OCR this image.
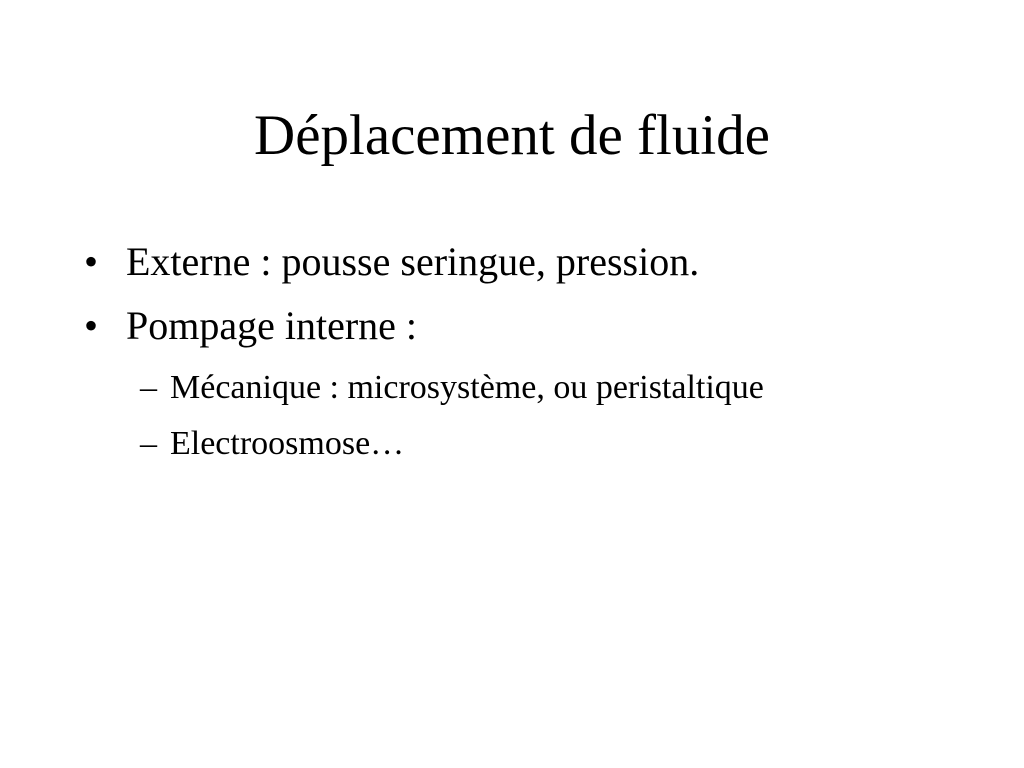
Déplacement de fluide
• Externe : pousse seringue, pression.
• Pompage interne :
– Mécanique : microsystème, ou peristaltique
– Electroosmose…
